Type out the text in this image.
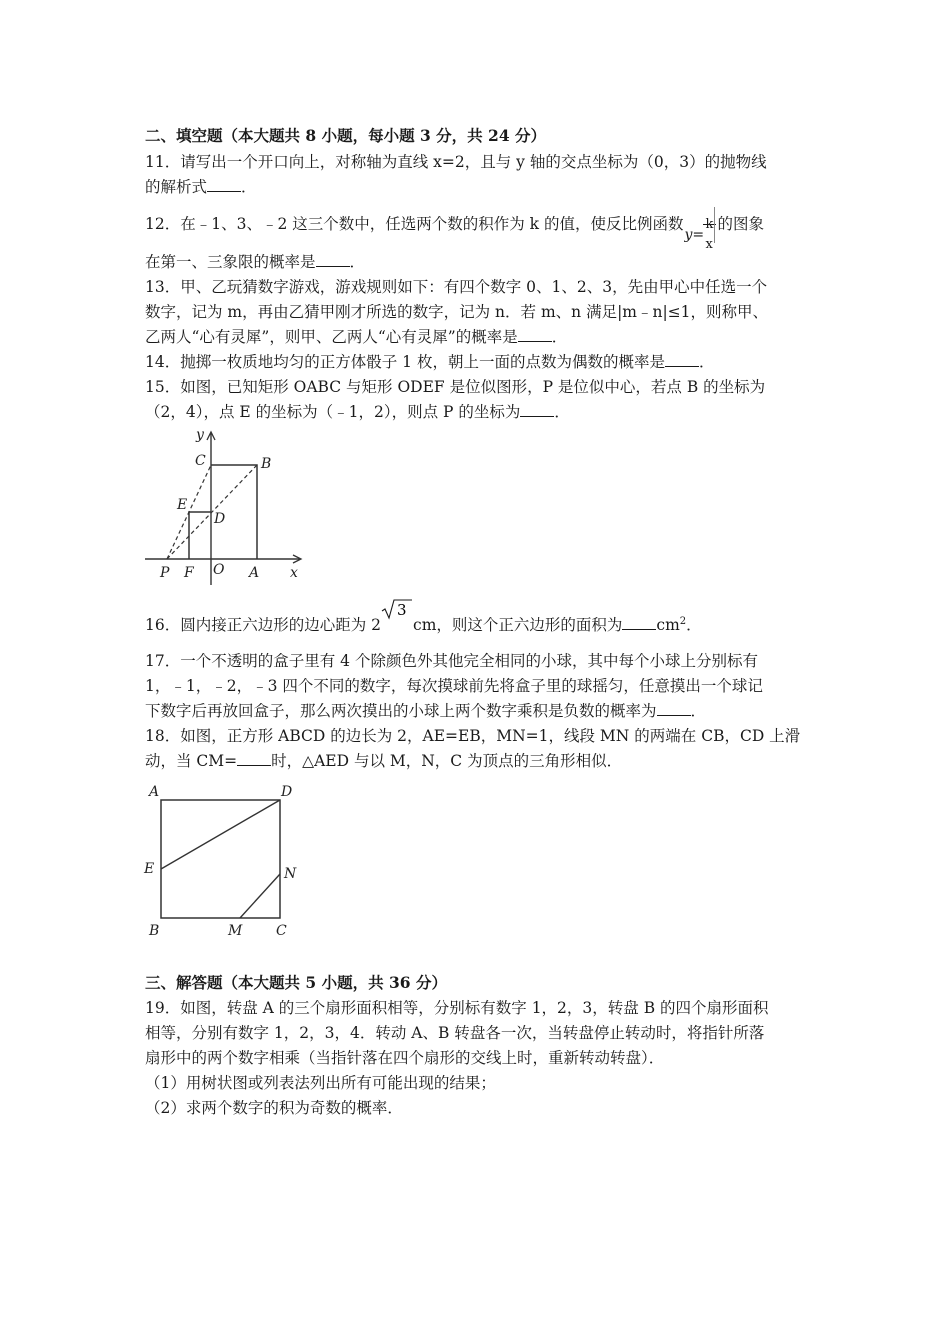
二、填空题（本大题共 8 小题，每小题 3 分，共 24 分）
11．请写出一个开口向上，对称轴为直线 x=2，且与 y 轴的交点坐标为（0，3）的抛物线
的解析式 ．
12．在﹣1、3、﹣2 这三个数中，任选两个数的积作为 k 的值，使反比例函数
y=
k
x
的图象
在第一、三象限的概率是 ．
13．甲、乙玩猜数字游戏，游戏规则如下：有四个数字 0、1、2、3，先由甲心中任选一个
数字，记为 m，再由乙猜甲刚才所选的数字，记为 n．若 m、n 满足|m﹣n|≤1，则称甲、
乙两人“心有灵犀”，则甲、乙两人“心有灵犀”的概率是 ．
14．抛掷一枚质地均匀的正方体骰子 1 枚，朝上一面的点数为偶数的概率是 ．
15．如图，已知矩形 OABC 与矩形 ODEF 是位似图形，P 是位似中心，若点 B 的坐标为
（2，4），点 E 的坐标为（﹣1，2），则点 P 的坐标为 ．
y
x
C	B
E
D
P F O A
16．圆内接正六边形的边心距为 2
3
cm，则这个正六边形的面积为 $cm^2$．
17．一个不透明的盒子里有 4 个除颜色外其他完全相同的小球，其中每个小球上分别标有
1，﹣1，﹣2，﹣3 四个不同的数字，每次摸球前先将盒子里的球摇匀，任意摸出一个球记
下数字后再放回盒子，那么两次摸出的小球上两个数字乘积是负数的概率为 ．
18．如图，正方形 ABCD 的边长为 2，AE=EB，MN=1，线段 MN 的两端在 CB，CD 上滑
动，当 CM= 时，△AED 与以 M，N，C 为顶点的三角形相似．
A	D
E	N
B	M C
三、解答题（本大题共 5 小题，共 36 分）
19．如图，转盘 A 的三个扇形面积相等，分别标有数字 1，2，3，转盘 B 的四个扇形面积
相等，分别有数字 1，2，3，4．转动 A、B 转盘各一次，当转盘停止转动时，将指针所落
扇形中的两个数字相乘（当指针落在四个扇形的交线上时，重新转动转盘）．
（1）用树状图或列表法列出所有可能出现的结果；
（2）求两个数字的积为奇数的概率．
